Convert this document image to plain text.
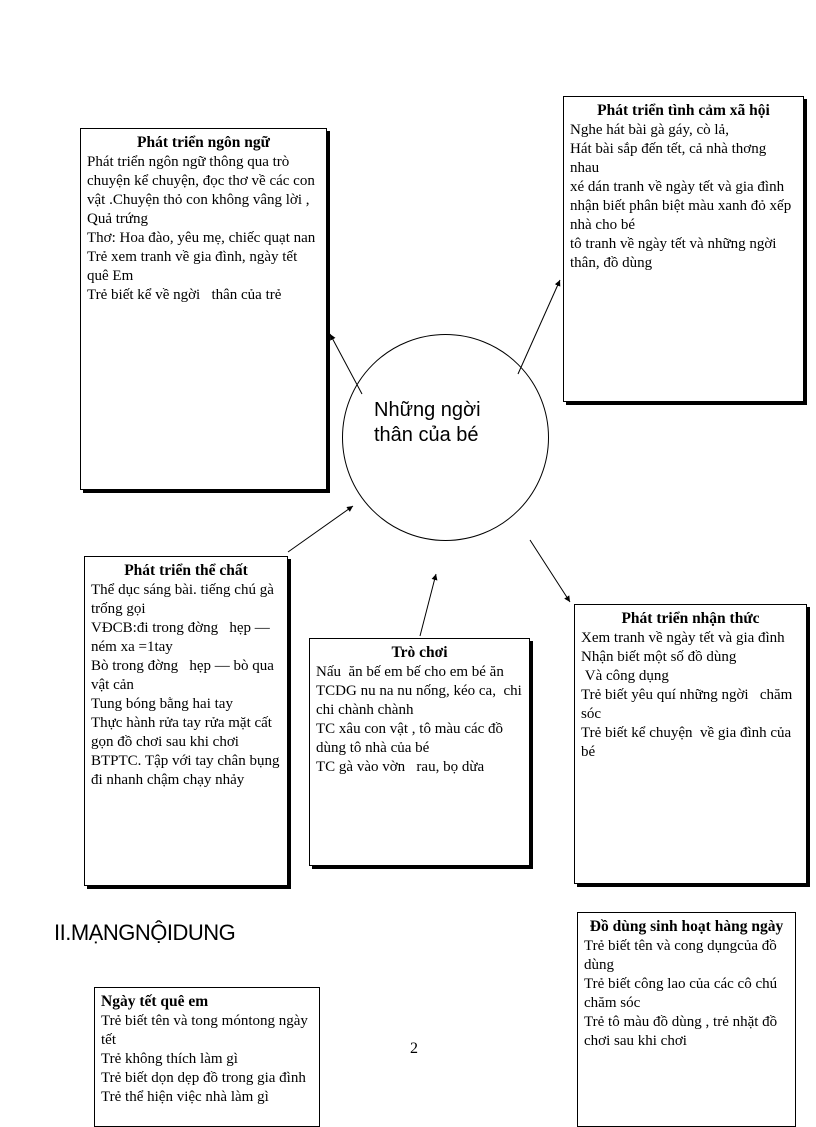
Những ngời
thân của bé
Phát triển ngôn ngữ
Phát triển ngôn ngữ thông qua trò chuyện kể chuyện, đọc thơ về các con vật .Chuyện thỏ con không vâng lời , Quả trứng
Thơ: Hoa đào, yêu mẹ, chiếc quạt nan
Trẻ xem tranh về gia đình, ngày tết quê Em
Trẻ biết kể về ngời   thân của trẻ
Phát triển tình cảm xã hội
Nghe hát bài gà gáy, cò lả,
Hát bài sắp đến tết, cả nhà thơng nhau
xé dán tranh về ngày tết và gia đình nhận biết phân biệt màu xanh đỏ xếp nhà cho bé
tô tranh về ngày tết và những ngời thân, đồ dùng
Phát triển thể chất
Thể dục sáng bài. tiếng chú gà trống gọi
VĐCB:đi trong đờng   hẹp — ném xa =1tay
Bò trong đờng   hẹp — bò qua vật cản
Tung bóng bằng hai tay
Thực hành rửa tay rửa mặt cất gọn đồ chơi sau khi chơi
BTPTC. Tập với tay chân bụng đi nhanh chậm chạy nhảy
Trò chơi
Nấu  ăn bế em bế cho em bé ăn
TCDG nu na nu nống, kéo ca,  chi chi chành chành
TC xâu con vật , tô màu các đồ dùng tô nhà của bé
TC gà vào vờn   rau, bọ dừa
Phát triển nhận thức
Xem tranh về ngày tết và gia đình
Nhận biết một số đồ dùng
Và công dụng
Trẻ biết yêu quí những ngời   chăm sóc
Trẻ biết kể chuyện  về gia đình của bé
II.MẠNGNỘIDUNG
Ngày tết quê em
Trẻ biết tên và tong móntong ngày tết
Trẻ không thích làm gì
Trẻ biết dọn dẹp đồ trong gia đình
Trẻ thể hiện việc nhà làm gì
Đồ dùng sinh hoạt hàng ngày
Trẻ biết tên và cong dụngcủa đồ dùng
Trẻ biết công lao của các cô chú chăm sóc
Trẻ tô màu đồ dùng , trẻ nhặt đồ chơi sau khi chơi
2
